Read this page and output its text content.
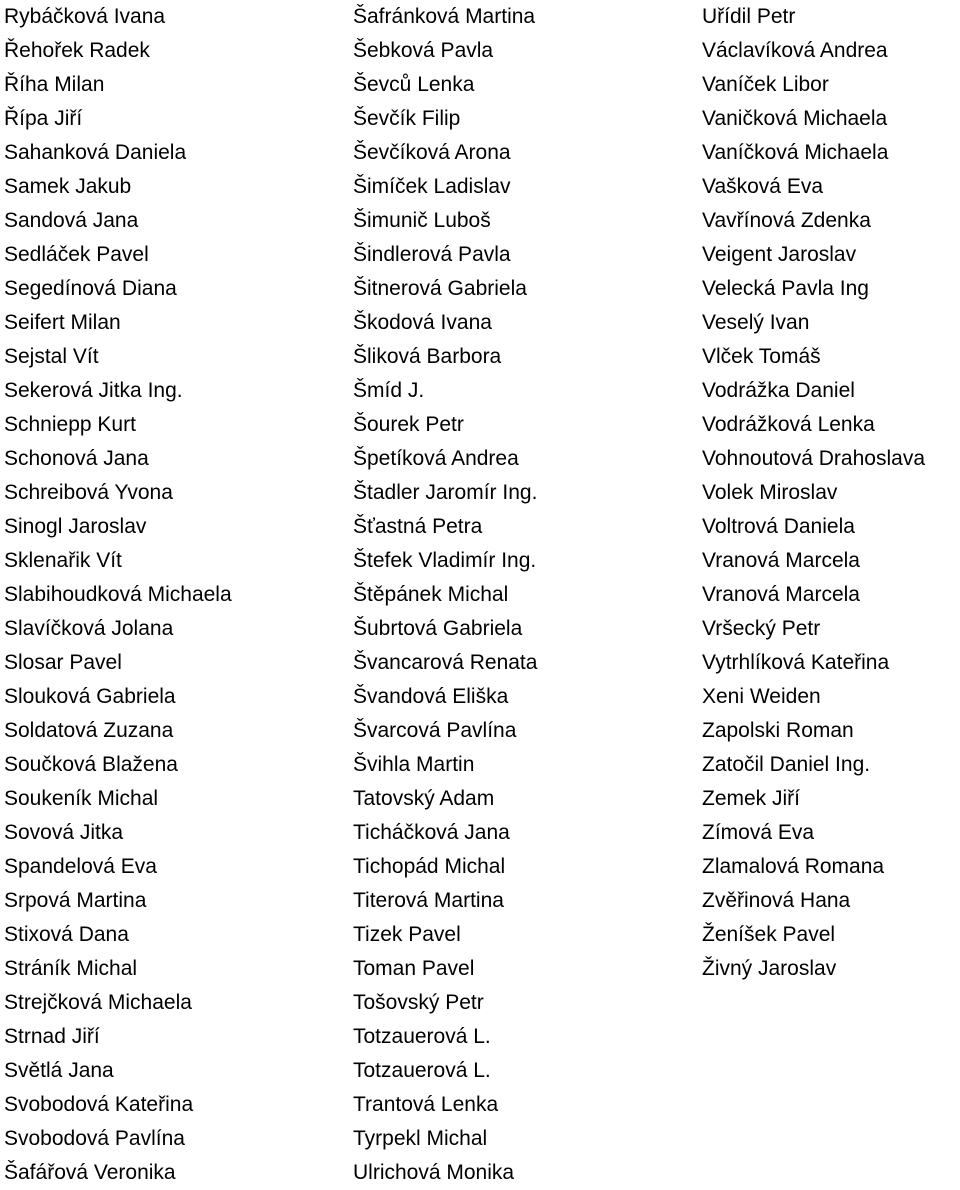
Rybáčková Ivana
Řehořek Radek
Říha Milan
Řípa Jiří
Sahanková Daniela
Samek Jakub
Sandová Jana
Sedláček Pavel
Segedínová Diana
Seifert Milan
Sejstal Vít
Sekerová Jitka Ing.
Schniepp Kurt
Schonová Jana
Schreibová Yvona
Sinogl Jaroslav
Sklenařik Vít
Slabihoudková Michaela
Slavíčková Jolana
Slosar Pavel
Slouková Gabriela
Soldatová Zuzana
Součková Blažena
Soukeník Michal
Sovová Jitka
Spandelová Eva
Srpová Martina
Stixová Dana
Stráník Michal
Strejčková Michaela
Strnad Jiří
Světlá Jana
Svobodová Kateřina
Svobodová Pavlína
Šafářová Veronika
Šafránková Martina
Šebková Pavla
Ševců Lenka
Ševčík Filip
Ševčíková Arona
Šimíček Ladislav
Šimunič Luboš
Šindlerová Pavla
Šitnerová Gabriela
Škodová Ivana
Šliková Barbora
Šmíd J.
Šourek Petr
Špetíková Andrea
Štadler Jaromír Ing.
Šťastná Petra
Štefek Vladimír Ing.
Štěpánek Michal
Šubrtová Gabriela
Švancarová Renata
Švandová Eliška
Švarcová Pavlína
Švihla Martin
Tatovský Adam
Ticháčková Jana
Tichopád Michal
Titerová Martina
Tizek Pavel
Toman Pavel
Tošovský Petr
Totzauerová L.
Totzauerová L.
Trantová Lenka
Tyrpekl Michal
Ulrichová Monika
Uřídil Petr
Václavíková Andrea
Vaníček Libor
Vaničková Michaela
Vaníčková Michaela
Vašková Eva
Vavřínová Zdenka
Veigent Jaroslav
Velecká Pavla Ing
Veselý Ivan
Vlček Tomáš
Vodrážka Daniel
Vodrážková Lenka
Vohnoutová Drahoslava
Volek Miroslav
Voltrová Daniela
Vranová Marcela
Vranová Marcela
Vršecký Petr
Vytrhlíková Kateřina
Xeni Weiden
Zapolski Roman
Zatočil Daniel Ing.
Zemek Jiří
Zímová Eva
Zlamalová Romana
Zvěřinová Hana
Ženíšek Pavel
Živný Jaroslav
